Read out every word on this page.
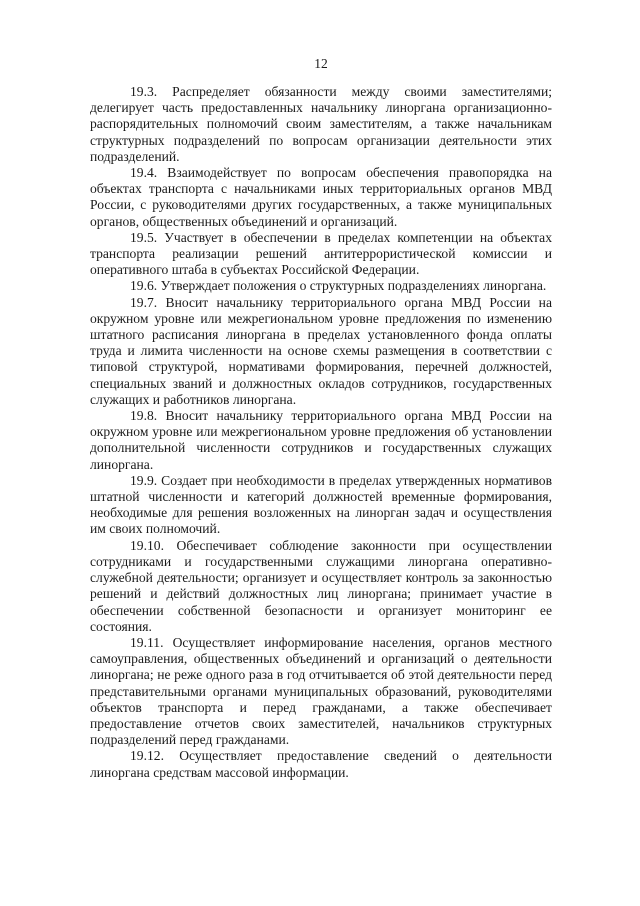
12

19.3. Распределяет обязанности между своими заместителями; делегирует часть предоставленных начальнику линоргана организационно-распорядительных полномочий своим заместителям, а также начальникам структурных подразделений по вопросам организации деятельности этих подразделений.

19.4. Взаимодействует по вопросам обеспечения правопорядка на объектах транспорта с начальниками иных территориальных органов МВД России, с руководителями других государственных, а также муниципальных органов, общественных объединений и организаций.

19.5. Участвует в обеспечении в пределах компетенции на объектах транспорта реализации решений антитеррористической комиссии и оперативного штаба в субъектах Российской Федерации.

19.6. Утверждает положения о структурных подразделениях линоргана.

19.7. Вносит начальнику территориального органа МВД России на окружном уровне или межрегиональном уровне предложения по изменению штатного расписания линоргана в пределах установленного фонда оплаты труда и лимита численности на основе схемы размещения в соответствии с типовой структурой, нормативами формирования, перечней должностей, специальных званий и должностных окладов сотрудников, государственных служащих и работников линоргана.

19.8. Вносит начальнику территориального органа МВД России на окружном уровне или межрегиональном уровне предложения об установлении дополнительной численности сотрудников и государственных служащих линоргана.

19.9. Создает при необходимости в пределах утвержденных нормативов штатной численности и категорий должностей временные формирования, необходимые для решения возложенных на линорган задач и осуществления им своих полномочий.

19.10. Обеспечивает соблюдение законности при осуществлении сотрудниками и государственными служащими линоргана оперативно-служебной деятельности; организует и осуществляет контроль за законностью решений и действий должностных лиц линоргана; принимает участие в обеспечении собственной безопасности и организует мониторинг ее состояния.

19.11. Осуществляет информирование населения, органов местного самоуправления, общественных объединений и организаций о деятельности линоргана; не реже одного раза в год отчитывается об этой деятельности перед представительными органами муниципальных образований, руководителями объектов транспорта и перед гражданами, а также обеспечивает предоставление отчетов своих заместителей, начальников структурных подразделений перед гражданами.

19.12. Осуществляет предоставление сведений о деятельности линоргана средствам массовой информации.
